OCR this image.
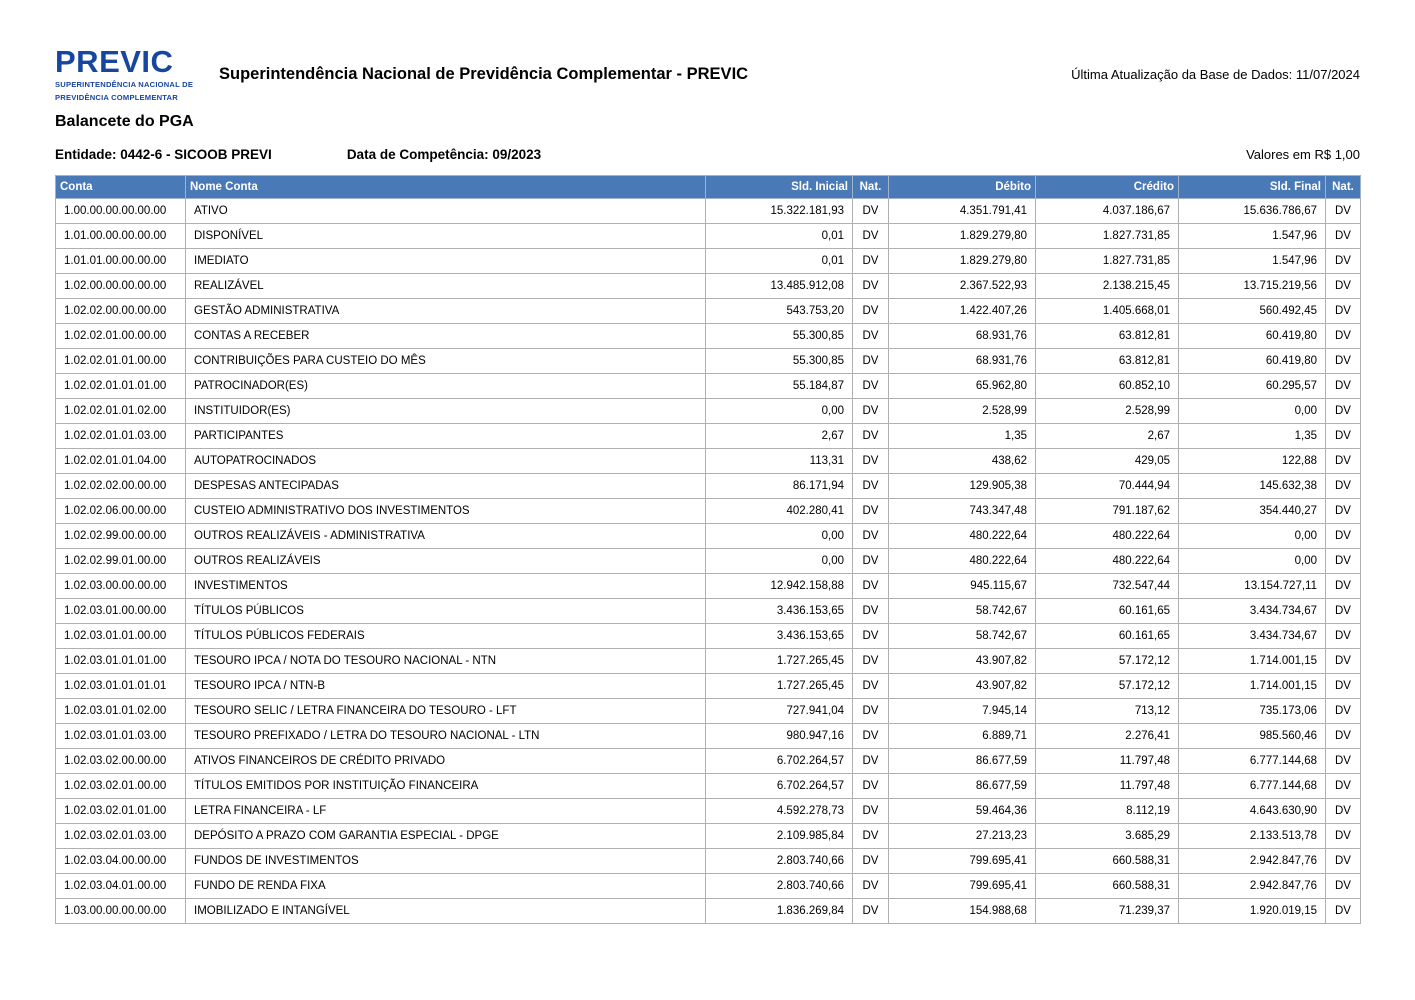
PREVIC
SUPERINTENDÊNCIA NACIONAL DE
PREVIDÊNCIA COMPLEMENTAR
Superintendência Nacional de Previdência Complementar - PREVIC	Última Atualização da Base de Dados: 11/07/2024
Balancete do PGA
Entidade: 0442-6 - SICOOB PREVI	Data de Competência: 09/2023	Valores em R$ 1,00
Conta	Nome Conta	Sld. Inicial	Nat.	Débito	Crédito	Sld. Final	Nat.
1.00.00.00.00.00.00	ATIVO	15.322.181,93	DV	4.351.791,41	4.037.186,67	15.636.786,67	DV
1.01.00.00.00.00.00	DISPONÍVEL	0,01	DV	1.829.279,80	1.827.731,85	1.547,96	DV
1.01.01.00.00.00.00	IMEDIATO	0,01	DV	1.829.279,80	1.827.731,85	1.547,96	DV
1.02.00.00.00.00.00	REALIZÁVEL	13.485.912,08	DV	2.367.522,93	2.138.215,45	13.715.219,56	DV
1.02.02.00.00.00.00	GESTÃO ADMINISTRATIVA	543.753,20	DV	1.422.407,26	1.405.668,01	560.492,45	DV
1.02.02.01.00.00.00	CONTAS A RECEBER	55.300,85	DV	68.931,76	63.812,81	60.419,80	DV
1.02.02.01.01.00.00	CONTRIBUIÇÕES PARA CUSTEIO DO MÊS	55.300,85	DV	68.931,76	63.812,81	60.419,80	DV
1.02.02.01.01.01.00	PATROCINADOR(ES)	55.184,87	DV	65.962,80	60.852,10	60.295,57	DV
1.02.02.01.01.02.00	INSTITUIDOR(ES)	0,00	DV	2.528,99	2.528,99	0,00	DV
1.02.02.01.01.03.00	PARTICIPANTES	2,67	DV	1,35	2,67	1,35	DV
1.02.02.01.01.04.00	AUTOPATROCINADOS	113,31	DV	438,62	429,05	122,88	DV
1.02.02.02.00.00.00	DESPESAS ANTECIPADAS	86.171,94	DV	129.905,38	70.444,94	145.632,38	DV
1.02.02.06.00.00.00	CUSTEIO ADMINISTRATIVO DOS INVESTIMENTOS	402.280,41	DV	743.347,48	791.187,62	354.440,27	DV
1.02.02.99.00.00.00	OUTROS REALIZÁVEIS - ADMINISTRATIVA	0,00	DV	480.222,64	480.222,64	0,00	DV
1.02.02.99.01.00.00	OUTROS REALIZÁVEIS	0,00	DV	480.222,64	480.222,64	0,00	DV
1.02.03.00.00.00.00	INVESTIMENTOS	12.942.158,88	DV	945.115,67	732.547,44	13.154.727,11	DV
1.02.03.01.00.00.00	TÍTULOS PÚBLICOS	3.436.153,65	DV	58.742,67	60.161,65	3.434.734,67	DV
1.02.03.01.01.00.00	TÍTULOS PÚBLICOS FEDERAIS	3.436.153,65	DV	58.742,67	60.161,65	3.434.734,67	DV
1.02.03.01.01.01.00	TESOURO IPCA / NOTA DO TESOURO NACIONAL - NTN	1.727.265,45	DV	43.907,82	57.172,12	1.714.001,15	DV
1.02.03.01.01.01.01	TESOURO IPCA / NTN-B	1.727.265,45	DV	43.907,82	57.172,12	1.714.001,15	DV
1.02.03.01.01.02.00	TESOURO SELIC / LETRA FINANCEIRA DO TESOURO - LFT	727.941,04	DV	7.945,14	713,12	735.173,06	DV
1.02.03.01.01.03.00	TESOURO PREFIXADO / LETRA DO TESOURO NACIONAL - LTN	980.947,16	DV	6.889,71	2.276,41	985.560,46	DV
1.02.03.02.00.00.00	ATIVOS FINANCEIROS DE CRÉDITO PRIVADO	6.702.264,57	DV	86.677,59	11.797,48	6.777.144,68	DV
1.02.03.02.01.00.00	TÍTULOS EMITIDOS POR INSTITUIÇÃO FINANCEIRA	6.702.264,57	DV	86.677,59	11.797,48	6.777.144,68	DV
1.02.03.02.01.01.00	LETRA FINANCEIRA - LF	4.592.278,73	DV	59.464,36	8.112,19	4.643.630,90	DV
1.02.03.02.01.03.00	DEPÓSITO A PRAZO COM GARANTIA ESPECIAL - DPGE	2.109.985,84	DV	27.213,23	3.685,29	2.133.513,78	DV
1.02.03.04.00.00.00	FUNDOS DE INVESTIMENTOS	2.803.740,66	DV	799.695,41	660.588,31	2.942.847,76	DV
1.02.03.04.01.00.00	FUNDO DE RENDA FIXA	2.803.740,66	DV	799.695,41	660.588,31	2.942.847,76	DV
1.03.00.00.00.00.00	IMOBILIZADO E INTANGÍVEL	1.836.269,84	DV	154.988,68	71.239,37	1.920.019,15	DV
